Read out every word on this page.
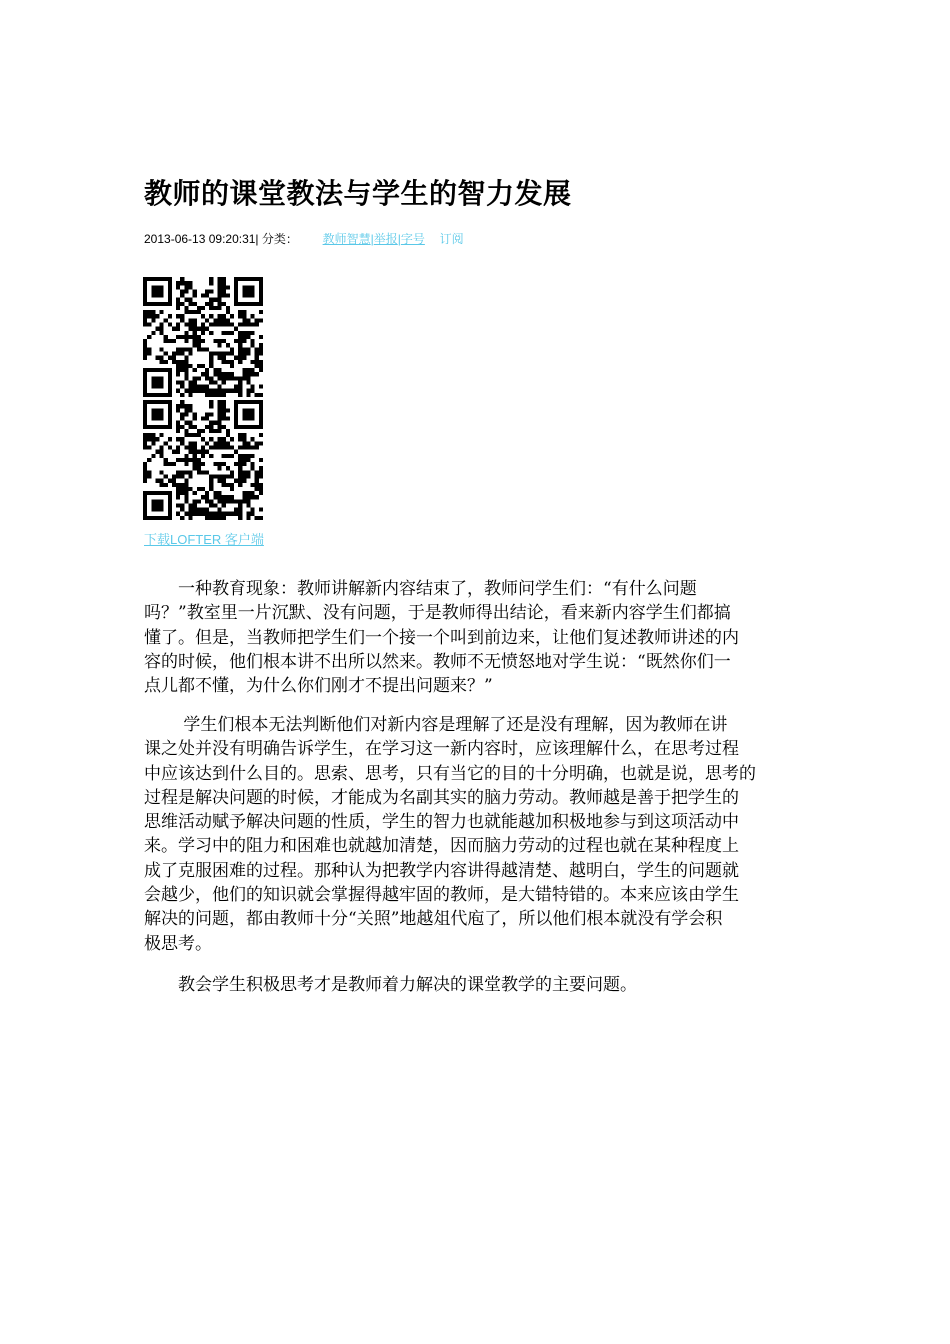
教师的课堂教法与学生的智力发展
2013-06-13 09:20:31| 分类： 教师智慧|举报|字号 订阅
下载LOFTER 客户端
　　一种教育现象：教师讲解新内容结束了，教师问学生们：“有什么问题
吗？”教室里一片沉默、没有问题，于是教师得出结论，看来新内容学生们都搞
懂了。但是，当教师把学生们一个接一个叫到前边来，让他们复述教师讲述的内
容的时候，他们根本讲不出所以然来。教师不无愤怒地对学生说：“既然你们一
点儿都不懂，为什么你们刚才不提出问题来？”
　　 学生们根本无法判断他们对新内容是理解了还是没有理解，因为教师在讲
课之处并没有明确告诉学生，在学习这一新内容时，应该理解什么，在思考过程
中应该达到什么目的。思索、思考，只有当它的目的十分明确，也就是说，思考的
过程是解决问题的时候，才能成为名副其实的脑力劳动。教师越是善于把学生的
思维活动赋予解决问题的性质，学生的智力也就能越加积极地参与到这项活动中
来。学习中的阻力和困难也就越加清楚，因而脑力劳动的过程也就在某种程度上
成了克服困难的过程。那种认为把教学内容讲得越清楚、越明白，学生的问题就
会越少，他们的知识就会掌握得越牢固的教师，是大错特错的。本来应该由学生
解决的问题，都由教师十分“关照”地越俎代庖了，所以他们根本就没有学会积
极思考。
　　教会学生积极思考才是教师着力解决的课堂教学的主要问题。
